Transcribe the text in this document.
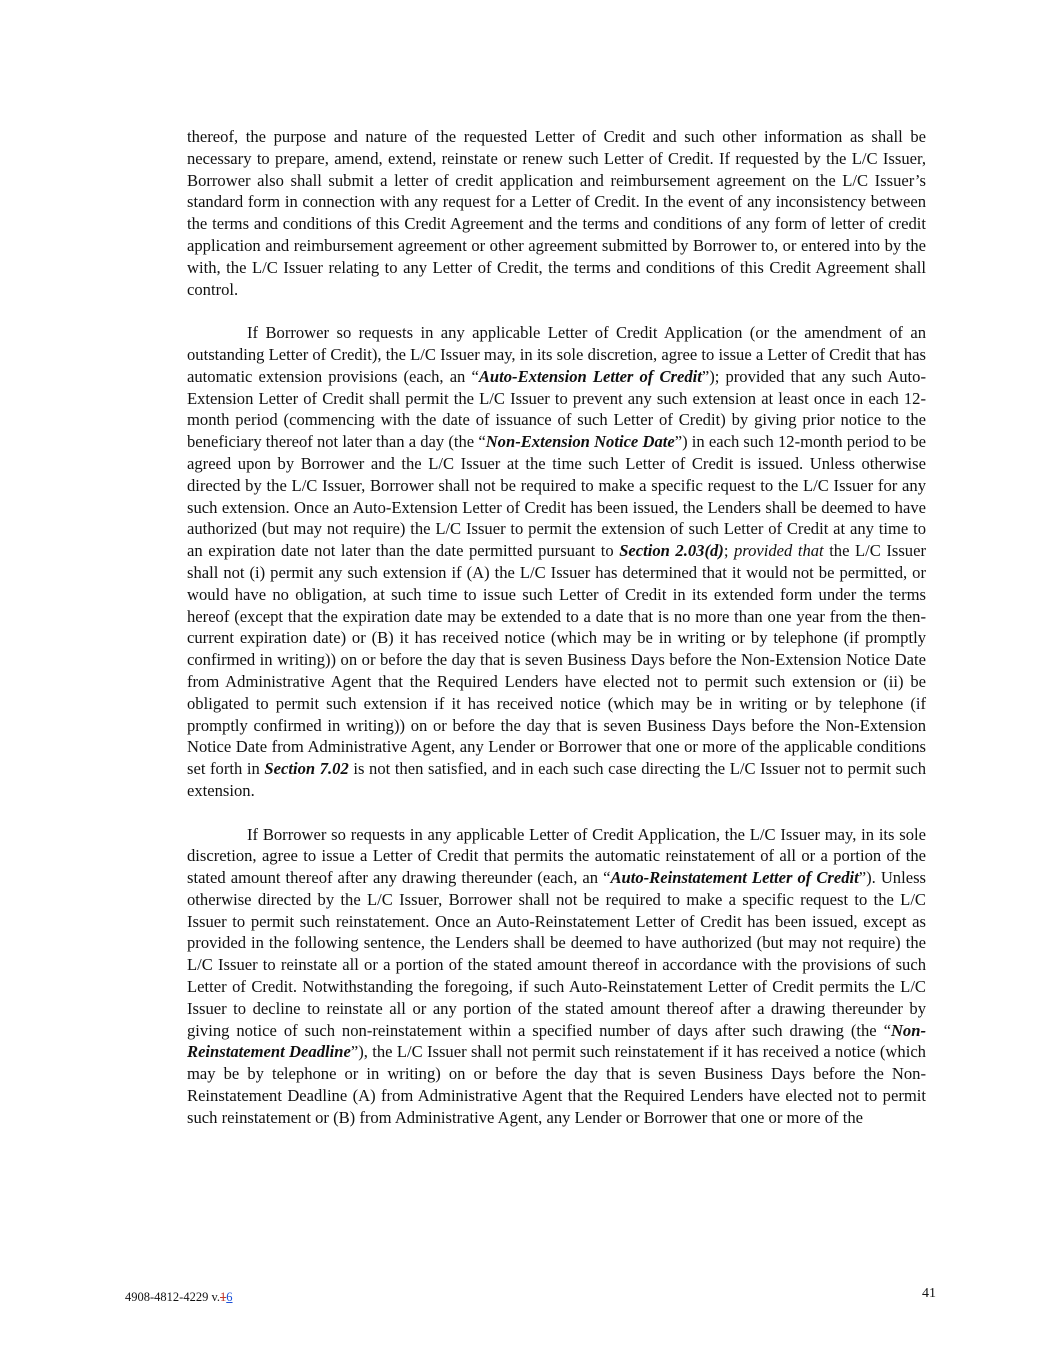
thereof, the purpose and nature of the requested Letter of Credit and such other information as shall be necessary to prepare, amend, extend, reinstate or renew such Letter of Credit. If requested by the L/C Issuer, Borrower also shall submit a letter of credit application and reimbursement agreement on the L/C Issuer’s standard form in connection with any request for a Letter of Credit. In the event of any inconsistency between the terms and conditions of this Credit Agreement and the terms and conditions of any form of letter of credit application and reimbursement agreement or other agreement submitted by Borrower to, or entered into by the with, the L/C Issuer relating to any Letter of Credit, the terms and conditions of this Credit Agreement shall control.

If Borrower so requests in any applicable Letter of Credit Application (or the amendment of an outstanding Letter of Credit), the L/C Issuer may, in its sole discretion, agree to issue a Letter of Credit that has automatic extension provisions (each, an “Auto-Extension Letter of Credit”); provided that any such Auto-Extension Letter of Credit shall permit the L/C Issuer to prevent any such extension at least once in each 12-month period (commencing with the date of issuance of such Letter of Credit) by giving prior notice to the beneficiary thereof not later than a day (the “Non-Extension Notice Date”) in each such 12-month period to be agreed upon by Borrower and the L/C Issuer at the time such Letter of Credit is issued. Unless otherwise directed by the L/C Issuer, Borrower shall not be required to make a specific request to the L/C Issuer for any such extension. Once an Auto-Extension Letter of Credit has been issued, the Lenders shall be deemed to have authorized (but may not require) the L/C Issuer to permit the extension of such Letter of Credit at any time to an expiration date not later than the date permitted pursuant to Section 2.03(d); provided that the L/C Issuer shall not (i) permit any such extension if (A) the L/C Issuer has determined that it would not be permitted, or would have no obligation, at such time to issue such Letter of Credit in its extended form under the terms hereof (except that the expiration date may be extended to a date that is no more than one year from the then-current expiration date) or (B) it has received notice (which may be in writing or by telephone (if promptly confirmed in writing)) on or before the day that is seven Business Days before the Non-Extension Notice Date from Administrative Agent that the Required Lenders have elected not to permit such extension or (ii) be obligated to permit such extension if it has received notice (which may be in writing or by telephone (if promptly confirmed in writing)) on or before the day that is seven Business Days before the Non-Extension Notice Date from Administrative Agent, any Lender or Borrower that one or more of the applicable conditions set forth in Section 7.02 is not then satisfied, and in each such case directing the L/C Issuer not to permit such extension.

If Borrower so requests in any applicable Letter of Credit Application, the L/C Issuer may, in its sole discretion, agree to issue a Letter of Credit that permits the automatic reinstatement of all or a portion of the stated amount thereof after any drawing thereunder (each, an “Auto-Reinstatement Letter of Credit”). Unless otherwise directed by the L/C Issuer, Borrower shall not be required to make a specific request to the L/C Issuer to permit such reinstatement. Once an Auto-Reinstatement Letter of Credit has been issued, except as provided in the following sentence, the Lenders shall be deemed to have authorized (but may not require) the L/C Issuer to reinstate all or a portion of the stated amount thereof in accordance with the provisions of such Letter of Credit. Notwithstanding the foregoing, if such Auto-Reinstatement Letter of Credit permits the L/C Issuer to decline to reinstate all or any portion of the stated amount thereof after a drawing thereunder by giving notice of such non-reinstatement within a specified number of days after such drawing (the “Non-Reinstatement Deadline”), the L/C Issuer shall not permit such reinstatement if it has received a notice (which may be by telephone or in writing) on or before the day that is seven Business Days before the Non-Reinstatement Deadline (A) from Administrative Agent that the Required Lenders have elected not to permit such reinstatement or (B) from Administrative Agent, any Lender or Borrower that one or more of the

4908-4812-4229 v.16	41
